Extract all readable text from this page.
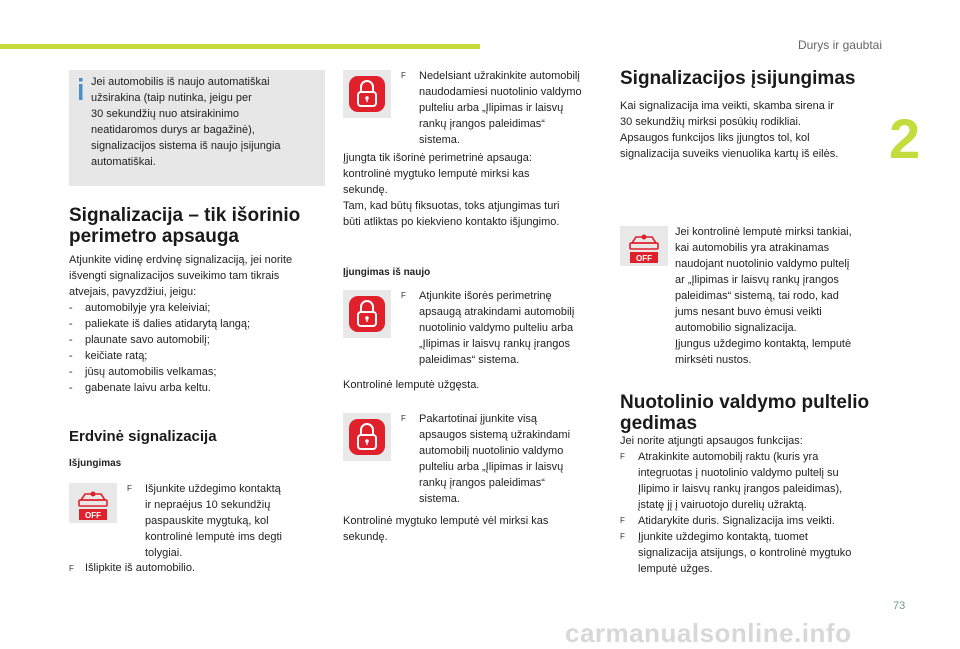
Durys ir gaubtai
2
73
carmanualsonline.info
Jei automobilis iš naujo automatiškai
užsirakina (taip nutinka, jeigu per
30 sekundžių nuo atsirakinimo
neatidaromos durys ar bagažinė),
signalizacijos sistema iš naujo įsijungia
automatiškai.
Signalizacija – tik išorinio
perimetro apsauga
Atjunkite vidinę erdvinę signalizaciją, jei norite
išvengti signalizacijos suveikimo tam tikrais
atvejais, pavyzdžiui, jeigu:
- automobilyje yra keleiviai;
- paliekate iš dalies atidarytą langą;
- plaunate savo automobilį;
- keičiate ratą;
- jūsų automobilis velkamas;
- gabenate laivu arba keltu.
Erdvinė signalizacija
Išjungimas
OFF
F Išjunkite uždegimo kontaktą
ir nepraėjus 10 sekundžių
paspauskite mygtuką, kol
kontrolinė lemputė ims degti
tolygiai.
F Išlipkite iš automobilio.
F Nedelsiant užrakinkite automobilį
naudodamiesi nuotolinio valdymo
pulteliu arba „Įlipimas ir laisvų
rankų įrangos paleidimas“
sistema.
Įjungta tik išorinė perimetrinė apsauga:
kontrolinė mygtuko lemputė mirksi kas
sekundę.
Tam, kad būtų fiksuotas, toks atjungimas turi
būti atliktas po kiekvieno kontakto išjungimo.
Įjungimas iš naujo
F Atjunkite išorės perimetrinę
apsaugą atrakindami automobilį
nuotolinio valdymo pulteliu arba
„Įlipimas ir laisvų rankų įrangos
paleidimas“ sistema.
Kontrolinė lemputė užgęsta.
F Pakartotinai įjunkite visą
apsaugos sistemą užrakindami
automobilį nuotolinio valdymo
pulteliu arba „Įlipimas ir laisvų
rankų įrangos paleidimas“
sistema.
Kontrolinė mygtuko lemputė vėl mirksi kas
sekundę.
Signalizacijos įsijungimas
Kai signalizacija ima veikti, skamba sirena ir
30 sekundžių mirksi posūkių rodikliai.
Apsaugos funkcijos liks įjungtos tol, kol
signalizacija suveiks vienuolika kartų iš eilės.
OFF
Jei kontrolinė lemputė mirksi tankiai,
kai automobilis yra atrakinamas
naudojant nuotolinio valdymo pultelį
ar „Įlipimas ir laisvų rankų įrangos
paleidimas“ sistemą, tai rodo, kad
jums nesant buvo ėmusi veikti
automobilio signalizacija.
Įjungus uždegimo kontaktą, lemputė
mirksėti nustos.
Nuotolinio valdymo pultelio
gedimas
Jei norite atjungti apsaugos funkcijas:
F Atrakinkite automobilį raktu (kuris yra
integruotas į nuotolinio valdymo pultelį su
Įlipimo ir laisvų rankų įrangos paleidimas),
įstatę jį į vairuotojo durelių užraktą.
F Atidarykite duris. Signalizacija ims veikti.
F Įjunkite uždegimo kontaktą, tuomet
signalizacija atsijungs, o kontrolinė mygtuko
lemputė užges.
